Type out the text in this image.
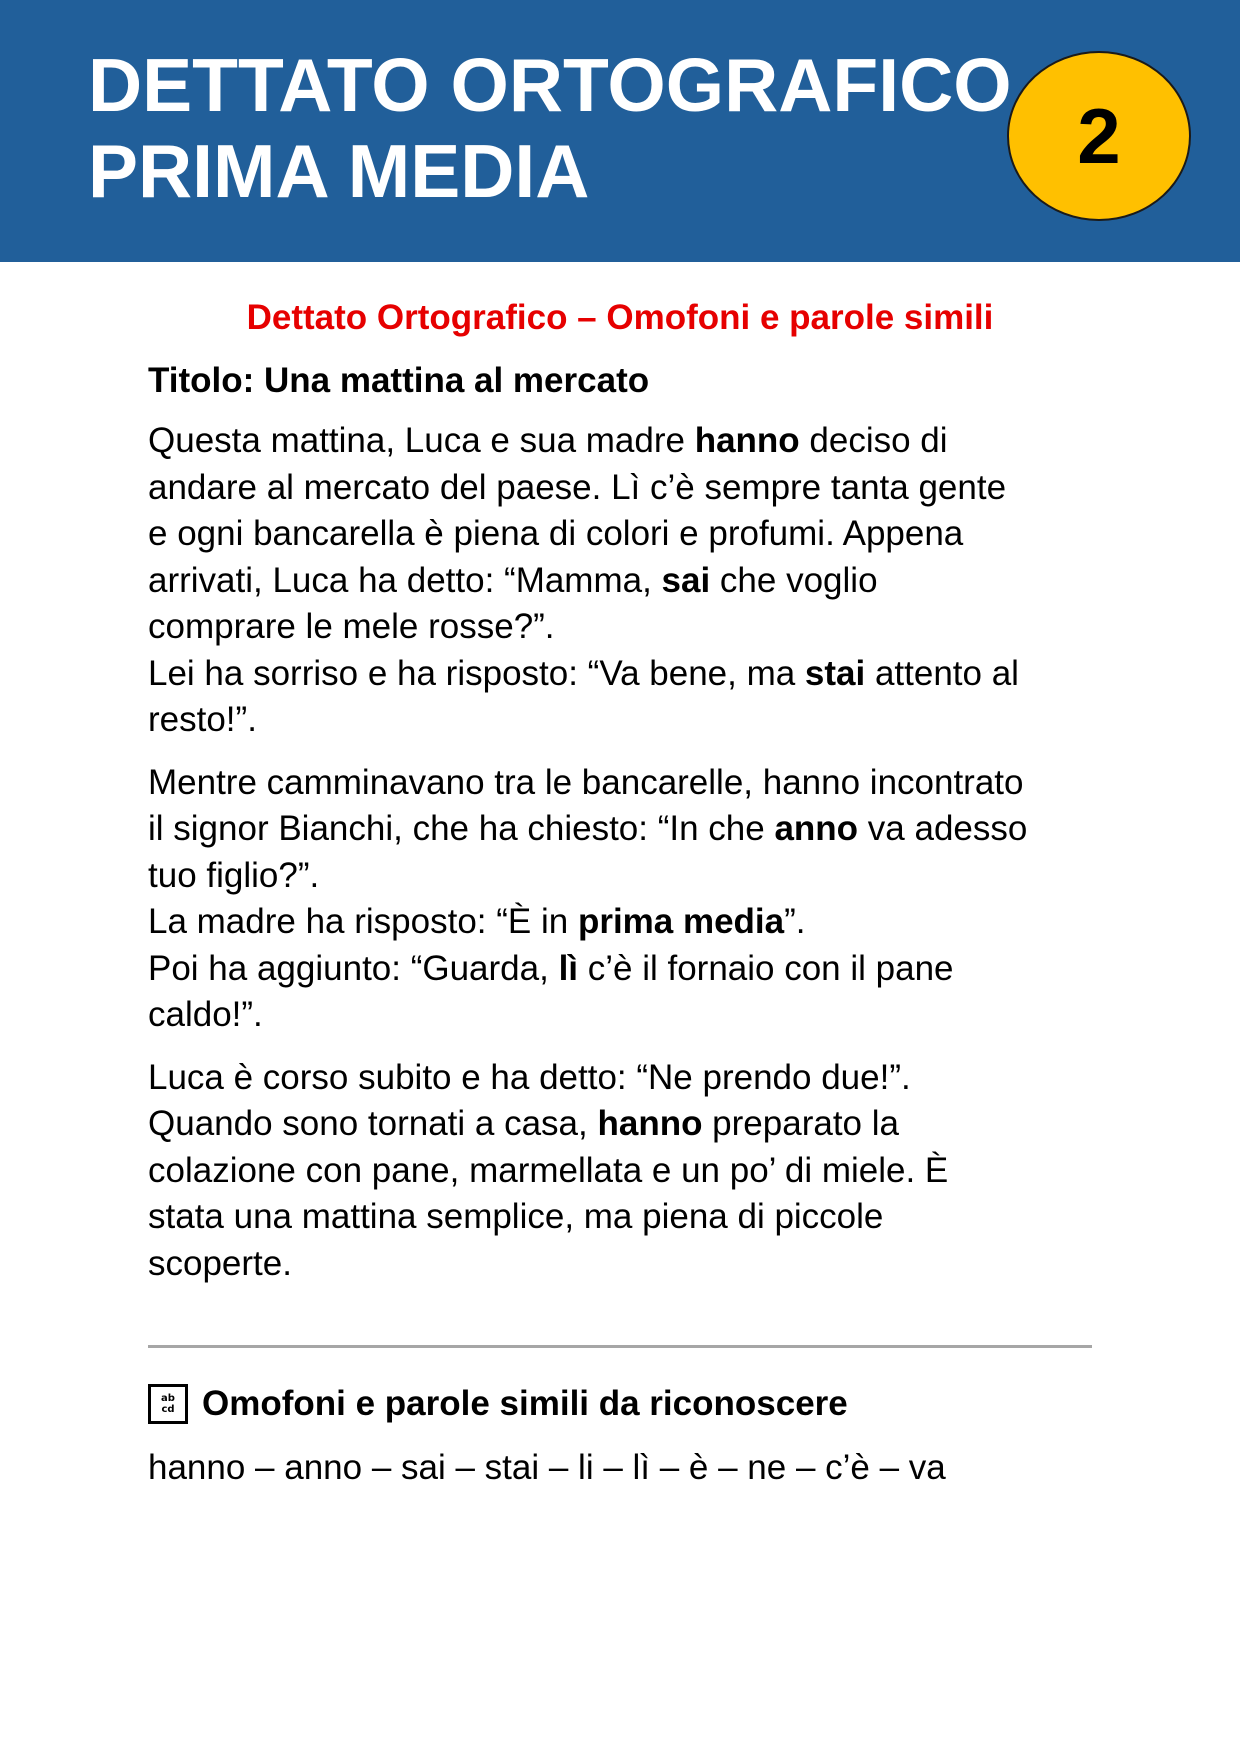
DETTATO ORTOGRAFICO
PRIMA MEDIA	2

Dettato Ortografico – Omofoni e parole simili

Titolo: Una mattina al mercato

Questa mattina, Luca e sua madre hanno deciso di
andare al mercato del paese. Lì c’è sempre tanta gente
e ogni bancarella è piena di colori e profumi. Appena
arrivati, Luca ha detto: “Mamma, sai che voglio
comprare le mele rosse?”.
Lei ha sorriso e ha risposto: “Va bene, ma stai attento al
resto!”.

Mentre camminavano tra le bancarelle, hanno incontrato
il signor Bianchi, che ha chiesto: “In che anno va adesso
tuo figlio?”.
La madre ha risposto: “È in prima media”.
Poi ha aggiunto: “Guarda, lì c’è il fornaio con il pane
caldo!”.

Luca è corso subito e ha detto: “Ne prendo due!”.
Quando sono tornati a casa, hanno preparato la
colazione con pane, marmellata e un po’ di miele. È
stata una mattina semplice, ma piena di piccole
scoperte.

ab
cd Omofoni e parole simili da riconoscere

hanno – anno – sai – stai – li – lì – è – ne – c’è – va
